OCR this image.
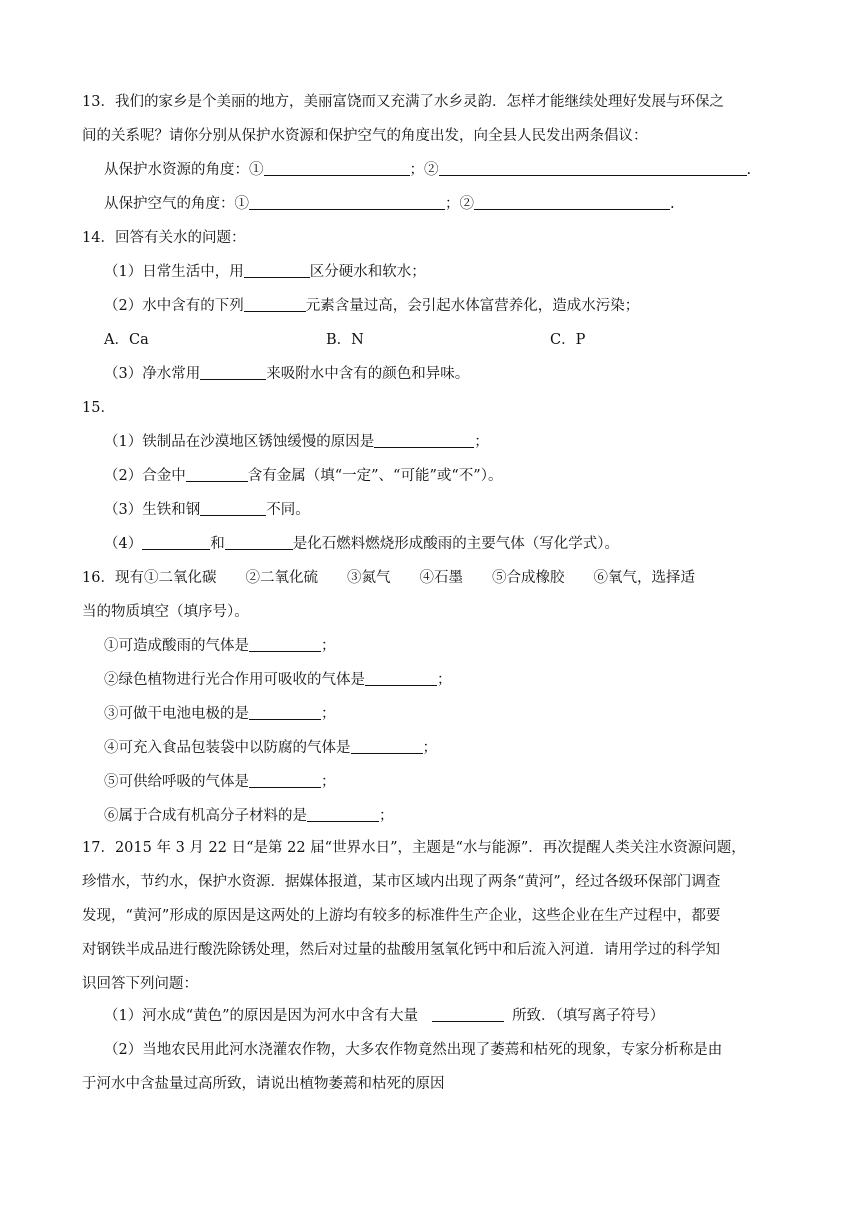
13．我们的家乡是个美丽的地方，美丽富饶而又充满了水乡灵韵．怎样才能继续处理好发展与环保之
间的关系呢？请你分别从保护水资源和保护空气的角度出发，向全县人民发出两条倡议：
从保护水资源的角度：①	；②	.
从保护空气的角度：①	；②	.
14．回答有关水的问题：
（1）日常生活中，用	区分硬水和软水；
（2）水中含有的下列	元素含量过高，会引起水体富营养化，造成水污染；
A．Ca	B．N	C．P
（3）净水常用	来吸附水中含有的颜色和异味。
15．
（1）铁制品在沙漠地区锈蚀缓慢的原因是	；
（2）合金中	含有金属（填“一定”、“可能”或“不”）。
（3）生铁和钢	不同。
（4）	和	是化石燃料燃烧形成酸雨的主要气体（写化学式）。
16．现有①二氧化碳　　②二氧化硫　　③氮气　　④石墨　　⑤合成橡胶　　⑥氧气，选择适
当的物质填空（填序号）。
①可造成酸雨的气体是	；
②绿色植物进行光合作用可吸收的气体是	；
③可做干电池电极的是	；
④可充入食品包装袋中以防腐的气体是	；
⑤可供给呼吸的气体是	；
⑥属于合成有机高分子材料的是	；
17．2015 年 3 月 22 日“是第 22 届“世界水日”，主题是“水与能源”．再次提醒人类关注水资源问题，
珍惜水，节约水，保护水资源．据媒体报道，某市区域内出现了两条“黄河”，经过各级环保部门调查
发现，“黄河”形成的原因是这两处的上游均有较多的标准件生产企业，这些企业在生产过程中，都要
对钢铁半成品进行酸洗除锈处理，然后对过量的盐酸用氢氧化钙中和后流入河道．请用学过的科学知
识回答下列问题：
（1）河水成“黄色”的原因是因为河水中含有大量	所致．（填写离子符号）
（2）当地农民用此河水浇灌农作物，大多农作物竟然出现了萎蔫和枯死的现象，专家分析称是由
于河水中含盐量过高所致，请说出植物萎蔫和枯死的原因
